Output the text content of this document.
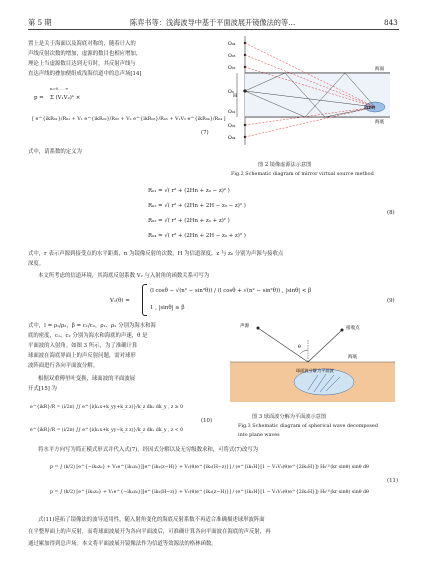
第 5 期	陈弈书等：浅海波导中基于平面波展开镜像法的等…	843
置上是关于海面以及海底对称的，随着计入的
声线反射次数的增加，虚源的数目也相应增加，
理论上当虚源数目达到无穷时，其反射声线与
直达声线的叠加便组成浅海信道中的总声场[14]
p =
n=0 … ∞
Σ (V₁V₂)ⁿ ×
[ e^{ikR₀₁}/R₀₁ + V₁ e^{ikR₀₂}/R₀₂ + V₂ e^{ikR₀₃}/R₀₃ + V₁V₂ e^{ikR₀₄}/R₀₄ ]
(7)
式中，请系数的定义为
O₀₄
O₀₃
O₀₂
O₀
O₀₁
H
海面
海底
P(r,z)
O₀₂
O₀₄
图 2 镜像虚源法示意图
Fig.2 Schematic diagram of mirror virtual source method
R₀₁ = √( r² + (2Hn + z₀ − z)² )
R₀₂ = √( r² + (2Hn + 2H − z₀ − z)² )
R₀₃ = √( r² + (2Hn + z₀ + z)² )
R₀₄ = √( r² + (2Hn + 2H − z₀ + z)² )
(8)
式中，r 表示声源到接受点的水平距离，n 为镜像反射的次数，H 为信道深度，z 与 z₀ 分别为声源与接收点
深度。
本文所考虑的信道环境，其海底反射系数 V₂ 与入射角的函数关系可写为
V₁(θ) =
(l cosθ − √(n² − sin²θ)) / (l cosθ + √(n² − sin²θ)) , |sinθ| < β
1 , |sinθ| ≥ β
(9)
式中，l = ρ₁/ρ₂，β = c₁/c₂，ρ₁、ρ₂ 分别为海水和海
底的密度，c₁、c₂ 分别为海水和海底的声速，θ 是
平面波的入射角。如图 3 所示，为了准确计算
球面波在海底界面上的声反射问题，需对球形
波阵面进行各向平面波分解。
根据双重傅里叶变换，球面波的平面波展
开式[15] 为
e^{ikR}/R = (i/2π) ∫∫ e^{i(kₓx+k_yy+k_z z)}/k_z dkₓ dk_y , z ≥ 0
e^{ikR}/R = (i/2π) ∫∫ e^{i(kₓx+k_yy−k_z z)}/k_z dkₓ dk_y , z < 0
(10)
声源	接收点
海底
球面波分解为平面波
θ
图 3 球面波分解为平面波示意图
Fig.3 Schematic diagram of spherical wave decomposed
into plane waves
将水平方向写为简正模式形式并代入式(7)，经因式分解以及无穷级数求和，可将式(7)改写为
p = ∫ (k/2) [e^{−ik₂z₀} + V₁e^{ik₂z₀}][e^{ik₂(z−H)} + V₂(θ)e^{ik₂(H−z)}] / (e^{ik₂H}[1 − V₁V₂(θ)e^{2ik₂H}]) H₀⁽¹⁾(kr sinθ) sinθ dθ
p = ∫ (k/2) [e^{ik₂z₀} + V₁e^{−ik₂z₀}][e^{ik₂(H−z)} + V₂(θ)e^{ik₂(z−H)}] / (e^{ik₂H}[1 − V₁V₂(θ)e^{2ik₂H}]) H₀⁽¹⁾(kr sinθ) sinθ dθ
(11)
式(11)延拓了镜像法的波导适用性，随入射角变化的海底反射系数不再适合准确描述球形波阵面
在平整界面上的声反射，而将球面波展开为各向平面波后，可准确计算各向平面波在海底的声反射，再
通过累加得到总声场。本文将平面波展开镜像法作为信道等效源法的格林函数。
